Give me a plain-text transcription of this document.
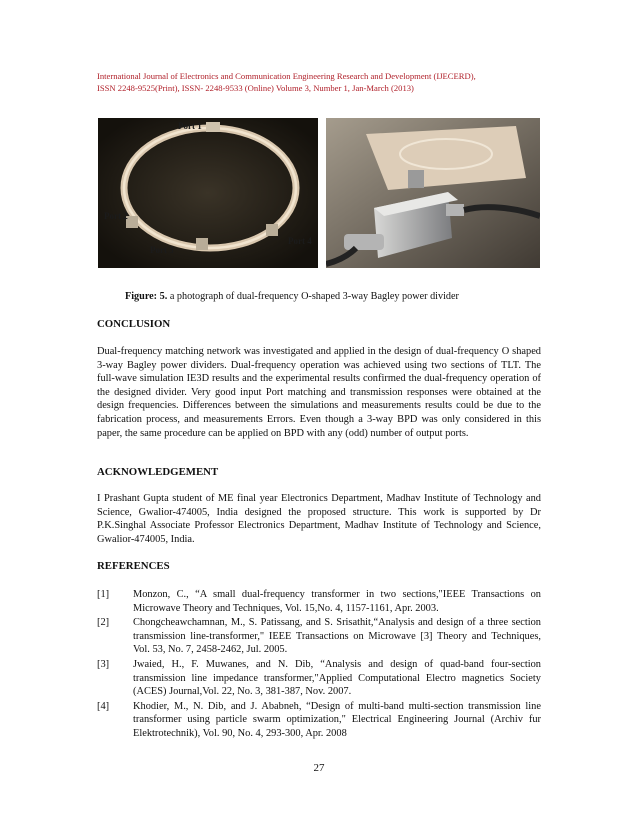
International Journal of Electronics and Communication Engineering Research and Development (IJECERD),
ISSN 2248-9525(Print), ISSN- 2248-9533 (Online) Volume 3, Number 1, Jan-March (2013)
Port 1
Port 2
Port 3
Port 4
Figure: 5. a photograph of dual-frequency O-shaped 3-way Bagley power divider
CONCLUSION

Dual-frequency matching network was investigated and applied in the design of dual-frequency O shaped 3-way Bagley power dividers. Dual-frequency operation was achieved using two sections of TLT. The full-wave simulation IE3D results and the experimental results confirmed the dual-frequency operation of the designed divider. Very good input Port matching and transmission responses were obtained at the design frequencies. Differences between the simulations and measurements results could be due to the fabrication process, and measurements Errors. Even though a 3-way BPD was only considered in this paper, the same procedure can be applied on BPD with any (odd) number of output ports.

ACKNOWLEDGEMENT

I Prashant Gupta student of ME final year Electronics Department, Madhav Institute of Technology and Science, Gwalior-474005, India designed the proposed structure. This work is supported by Dr P.K.Singhal Associate Professor Electronics Department, Madhav Institute of Technology and Science, Gwalior-474005, India.

REFERENCES
[1]	Monzon, C., “A small dual-frequency transformer in two sections,"IEEE Transactions on Microwave Theory and Techniques, Vol. 15,No. 4, 1157-1161, Apr. 2003.
[2]	Chongcheawchamnan, M., S. Patissang, and S. Srisathit,“Analysis and design of a three section transmission line-transformer," IEEE Transactions on Microwave [3] Theory and Techniques, Vol. 53, No. 7, 2458-2462, Jul. 2005.
[3]	Jwaied, H., F. Muwanes, and N. Dib, “Analysis and design of quad-band four-section transmission line impedance transformer,"Applied Computational Electro magnetics Society (ACES) Journal,Vol. 22, No. 3, 381-387, Nov. 2007.
[4]	Khodier, M., N. Dib, and J. Ababneh, “Design of multi-band multi-section transmission line transformer using particle swarm optimization," Electrical Engineering Journal (Archiv fur Elektrotechnik), Vol. 90, No. 4, 293-300, Apr. 2008
27
